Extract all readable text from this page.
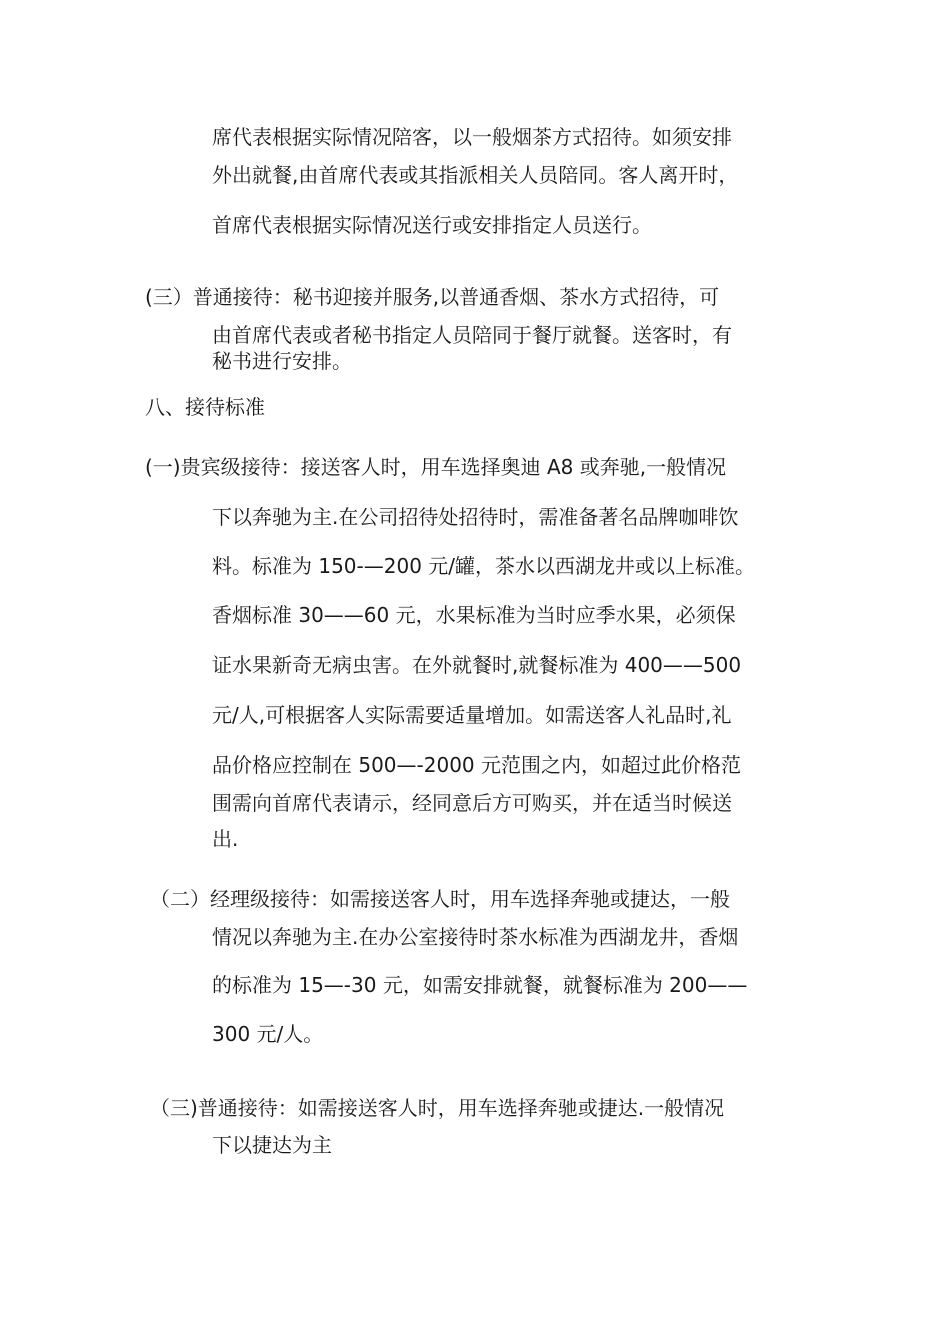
席代表根据实际情况陪客，以一般烟茶方式招待。如须安排
外出就餐,由首席代表或其指派相关人员陪同。客人离开时，
首席代表根据实际情况送行或安排指定人员送行。
(三）普通接待：秘书迎接并服务,以普通香烟、茶水方式招待，可
由首席代表或者秘书指定人员陪同于餐厅就餐。送客时，有
秘书进行安排。
八、接待标准
(一)贵宾级接待：接送客人时，用车选择奥迪 A8 或奔驰,一般情况
下以奔驰为主.在公司招待处招待时，需准备著名品牌咖啡饮
料。标准为 150-—200 元/罐，茶水以西湖龙井或以上标准。
香烟标准 30——60 元，水果标准为当时应季水果，必须保
证水果新奇无病虫害。在外就餐时,就餐标准为 400——500
元/人,可根据客人实际需要适量增加。如需送客人礼品时,礼
品价格应控制在 500—-2000 元范围之内，如超过此价格范
围需向首席代表请示，经同意后方可购买，并在适当时候送
出.
（二）经理级接待：如需接送客人时，用车选择奔驰或捷达，一般
情况以奔驰为主.在办公室接待时茶水标准为西湖龙井，香烟
的标准为 15—-30 元，如需安排就餐，就餐标准为 200——
300 元/人。
（三)普通接待：如需接送客人时，用车选择奔驰或捷达.一般情况
下以捷达为主
